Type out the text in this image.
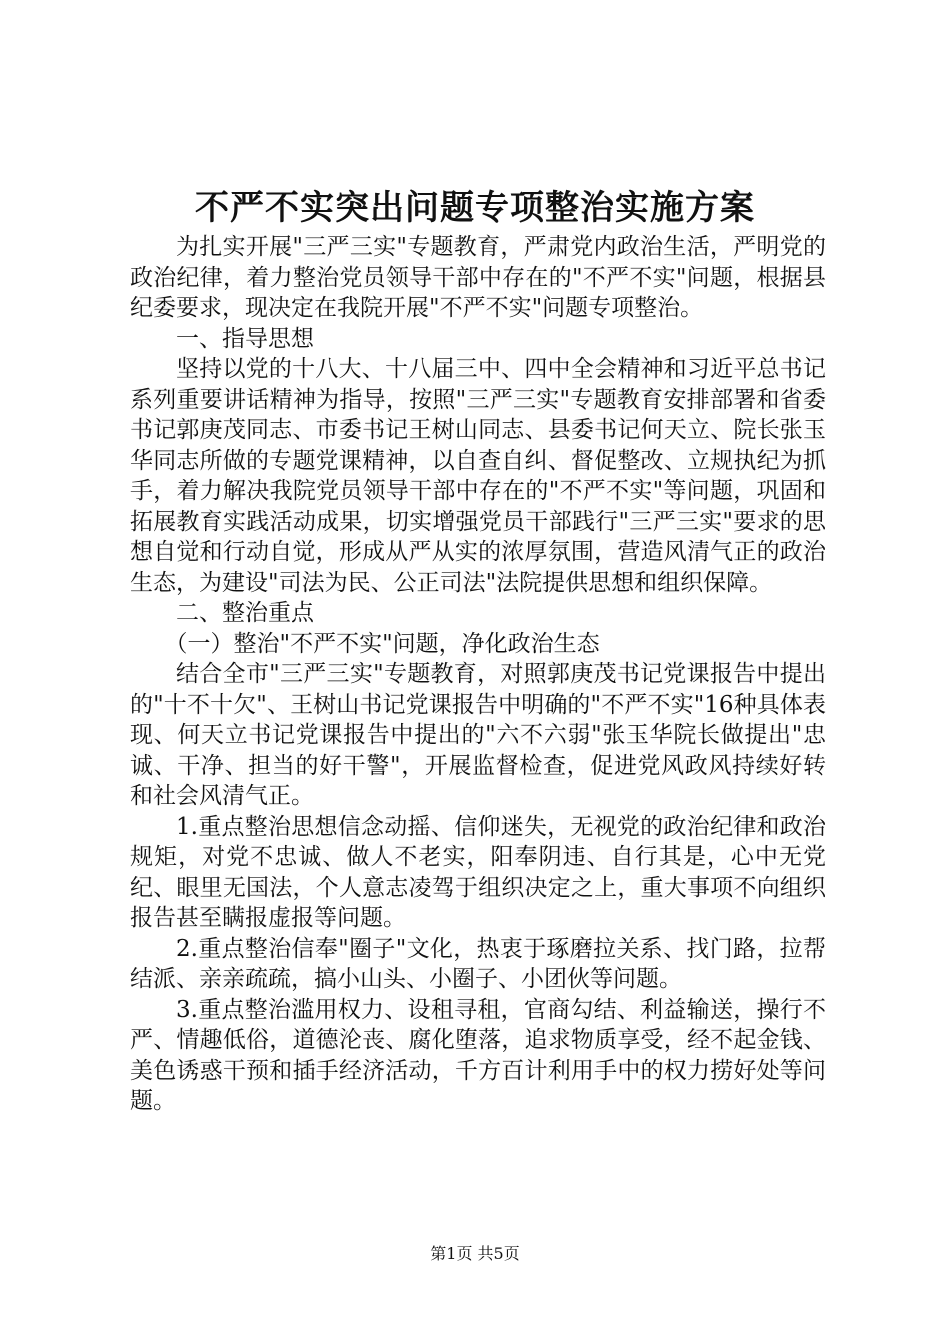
不严不实突出问题专项整治实施方案

为扎实开展"三严三实"专题教育，严肃党内政治生活，严明党的政治纪律，着力整治党员领导干部中存在的"不严不实"问题，根据县纪委要求，现决定在我院开展"不严不实"问题专项整治。

一、指导思想

坚持以党的十八大、十八届三中、四中全会精神和习近平总书记系列重要讲话精神为指导，按照"三严三实"专题教育安排部署和省委书记郭庚茂同志、市委书记王树山同志、县委书记何天立、院长张玉华同志所做的专题党课精神，以自查自纠、督促整改、立规执纪为抓手，着力解决我院党员领导干部中存在的"不严不实"等问题，巩固和拓展教育实践活动成果，切实增强党员干部践行"三严三实"要求的思想自觉和行动自觉，形成从严从实的浓厚氛围，营造风清气正的政治生态，为建设"司法为民、公正司法"法院提供思想和组织保障。

二、整治重点

（一）整治"不严不实"问题，净化政治生态

结合全市"三严三实"专题教育，对照郭庚茂书记党课报告中提出的"十不十欠"、王树山书记党课报告中明确的"不严不实"16种具体表现、何天立书记党课报告中提出的"六不六弱"张玉华院长做提出"忠诚、干净、担当的好干警"，开展监督检查，促进党风政风持续好转和社会风清气正。

1.重点整治思想信念动摇、信仰迷失，无视党的政治纪律和政治规矩，对党不忠诚、做人不老实，阳奉阴违、自行其是，心中无党纪、眼里无国法，个人意志凌驾于组织决定之上，重大事项不向组织报告甚至瞒报虚报等问题。

2.重点整治信奉"圈子"文化，热衷于琢磨拉关系、找门路，拉帮结派、亲亲疏疏，搞小山头、小圈子、小团伙等问题。

3.重点整治滥用权力、设租寻租，官商勾结、利益输送，操行不严、情趣低俗，道德沦丧、腐化堕落，追求物质享受，经不起金钱、美色诱惑干预和插手经济活动，千方百计利用手中的权力捞好处等问题。

第1页 共5页
